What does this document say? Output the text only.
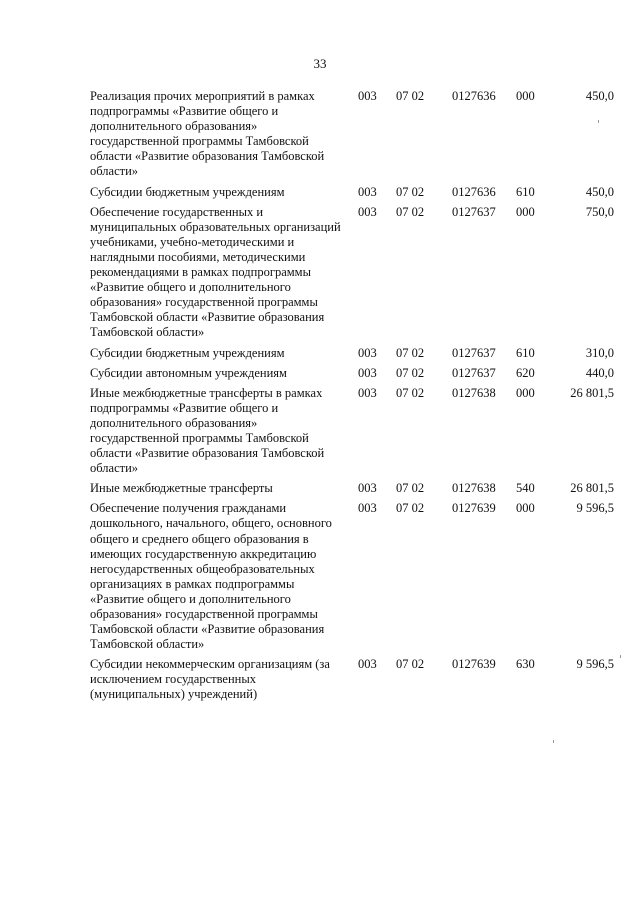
33
Реализация прочих мероприятий в рамках подпрограммы «Развитие общего и дополнительного образования» государственной программы Тамбовской области «Развитие образования Тамбовской области»	003	07 02	0127636	000	450,0
Субсидии бюджетным учреждениям	003	07 02	0127636	610	450,0
Обеспечение государственных и муниципальных образовательных организаций учебниками, учебно-методическими и наглядными пособиями, методическими рекомендациями в рамках подпрограммы «Развитие общего и дополнительного образования» государственной программы Тамбовской области «Развитие образования Тамбовской области»	003	07 02	0127637	000	750,0
Субсидии бюджетным учреждениям	003	07 02	0127637	610	310,0
Субсидии автономным учреждениям	003	07 02	0127637	620	440,0
Иные межбюджетные трансферты в рамках подпрограммы «Развитие общего и дополнительного образования» государственной программы Тамбовской области «Развитие образования Тамбовской области»	003	07 02	0127638	000	26 801,5
Иные межбюджетные трансферты	003	07 02	0127638	540	26 801,5
Обеспечение получения гражданами дошкольного, начального, общего, основного общего и среднего общего образования в имеющих государственную аккредитацию негосударственных общеобразовательных организациях в рамках подпрограммы «Развитие общего и дополнительного образования» государственной программы Тамбовской области «Развитие образования Тамбовской области»	003	07 02	0127639	000	9 596,5
Субсидии некоммерческим организациям (за исключением государственных (муниципальных) учреждений)	003	07 02	0127639	630	9 596,5
